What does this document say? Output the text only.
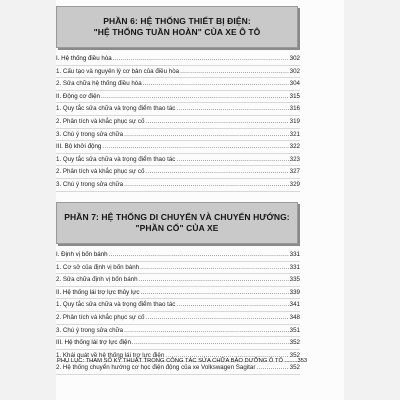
PHẦN 6: HỆ THỐNG THIẾT BỊ ĐIỆN:
"HỆ THỐNG TUẦN HOÀN" CỦA XE Ô TÔ
I. Hệ thống điều hòa .....	302
1. Cấu tạo và nguyên lý cơ bản của điều hòa .....	302
2. Sửa chữa hệ thống điều hòa .....	304
II. Động cơ điện .....	315
1. Quy tắc sửa chữa và trọng điểm thao tác .....	316
2. Phân tích và khắc phục sự cố .....	319
3. Chú ý trong sửa chữa .....	321
III. Bộ khởi động .....	322
1. Quy tắc sửa chữa và trọng điểm thao tác .....	323
2. Phân tích và khắc phục sự cố .....	327
3. Chú ý trong sửa chữa .....	329
PHẦN 7: HỆ THỐNG DI CHUYỂN VÀ CHUYỂN HƯỚNG:
"PHẦN CỐ" CỦA XE
I. Định vị bốn bánh .....	331
1. Cơ sở của định vị bốn bánh .....	331
2. Sửa chữa định vị bốn bánh .....	335
II. Hệ thống lái trợ lực thủy lực .....	339
1. Quy tắc sửa chữa và trọng điểm thao tác .....	341
2. Phân tích và khắc phục sự cố .....	348
3. Chú ý trong sửa chữa .....	351
III. Hệ thống lái trợ lực điện .....	352
1. Khái quát về hệ thống lái trợ lực điện .....	352
2. Hệ thống chuyển hướng cơ học điện động của xe Volkswagen Sagitar .....	352
PHỤ LỤC: THAM SỐ KỸ THUẬT TRONG CÔNG TÁC SỬA CHỮA BẢO DƯỠNG Ô TÔ ........353
